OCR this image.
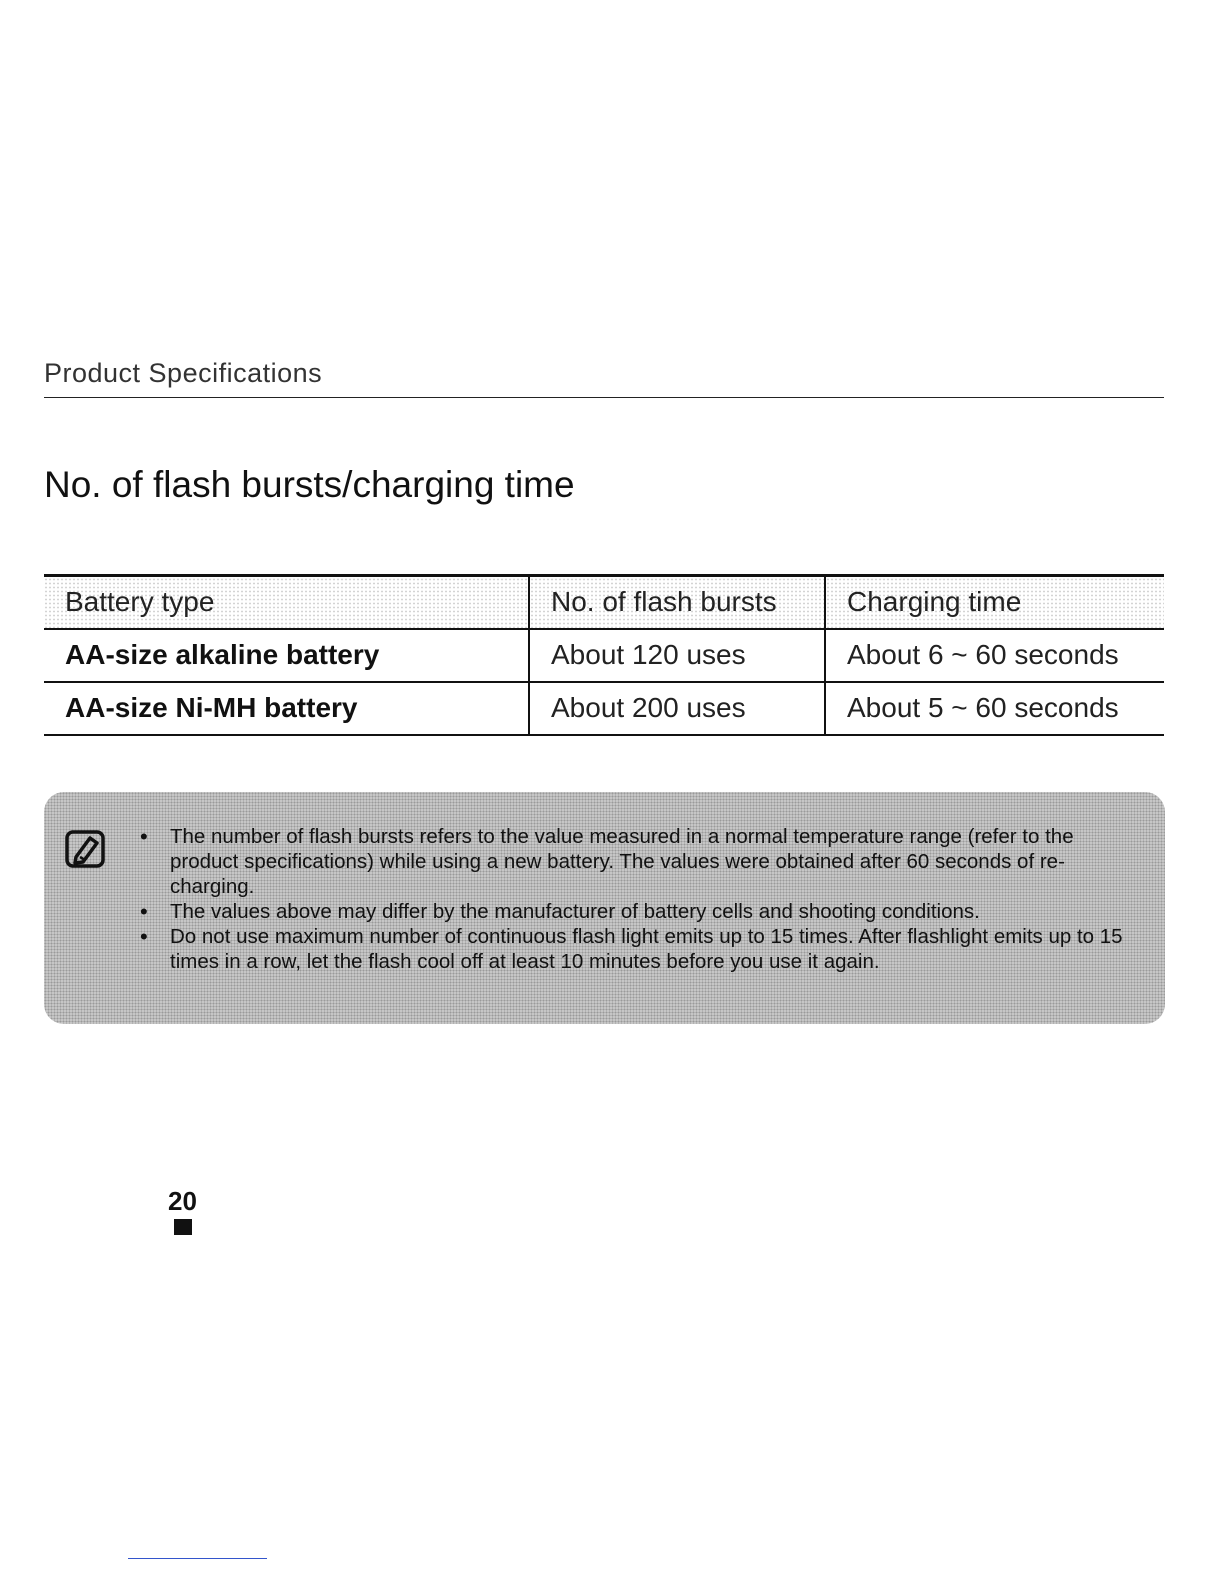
Product Specifications
No. of flash bursts/charging time
Battery type	No. of flash bursts	Charging time
AA-size alkaline battery	About 120 uses	About 6 ~ 60 seconds
AA-size Ni-MH battery	About 200 uses	About 5 ~ 60 seconds
• The number of flash bursts refers to the value measured in a normal temperature range (refer to the product specifications) while using a new battery. The values were obtained after 60 seconds of re-charging.
• The values above may differ by the manufacturer of battery cells and shooting conditions.
• Do not use maximum number of continuous flash light emits up to 15 times. After flashlight emits up to 15 times in a row, let the flash cool off at least 10 minutes before you use it again.
20
